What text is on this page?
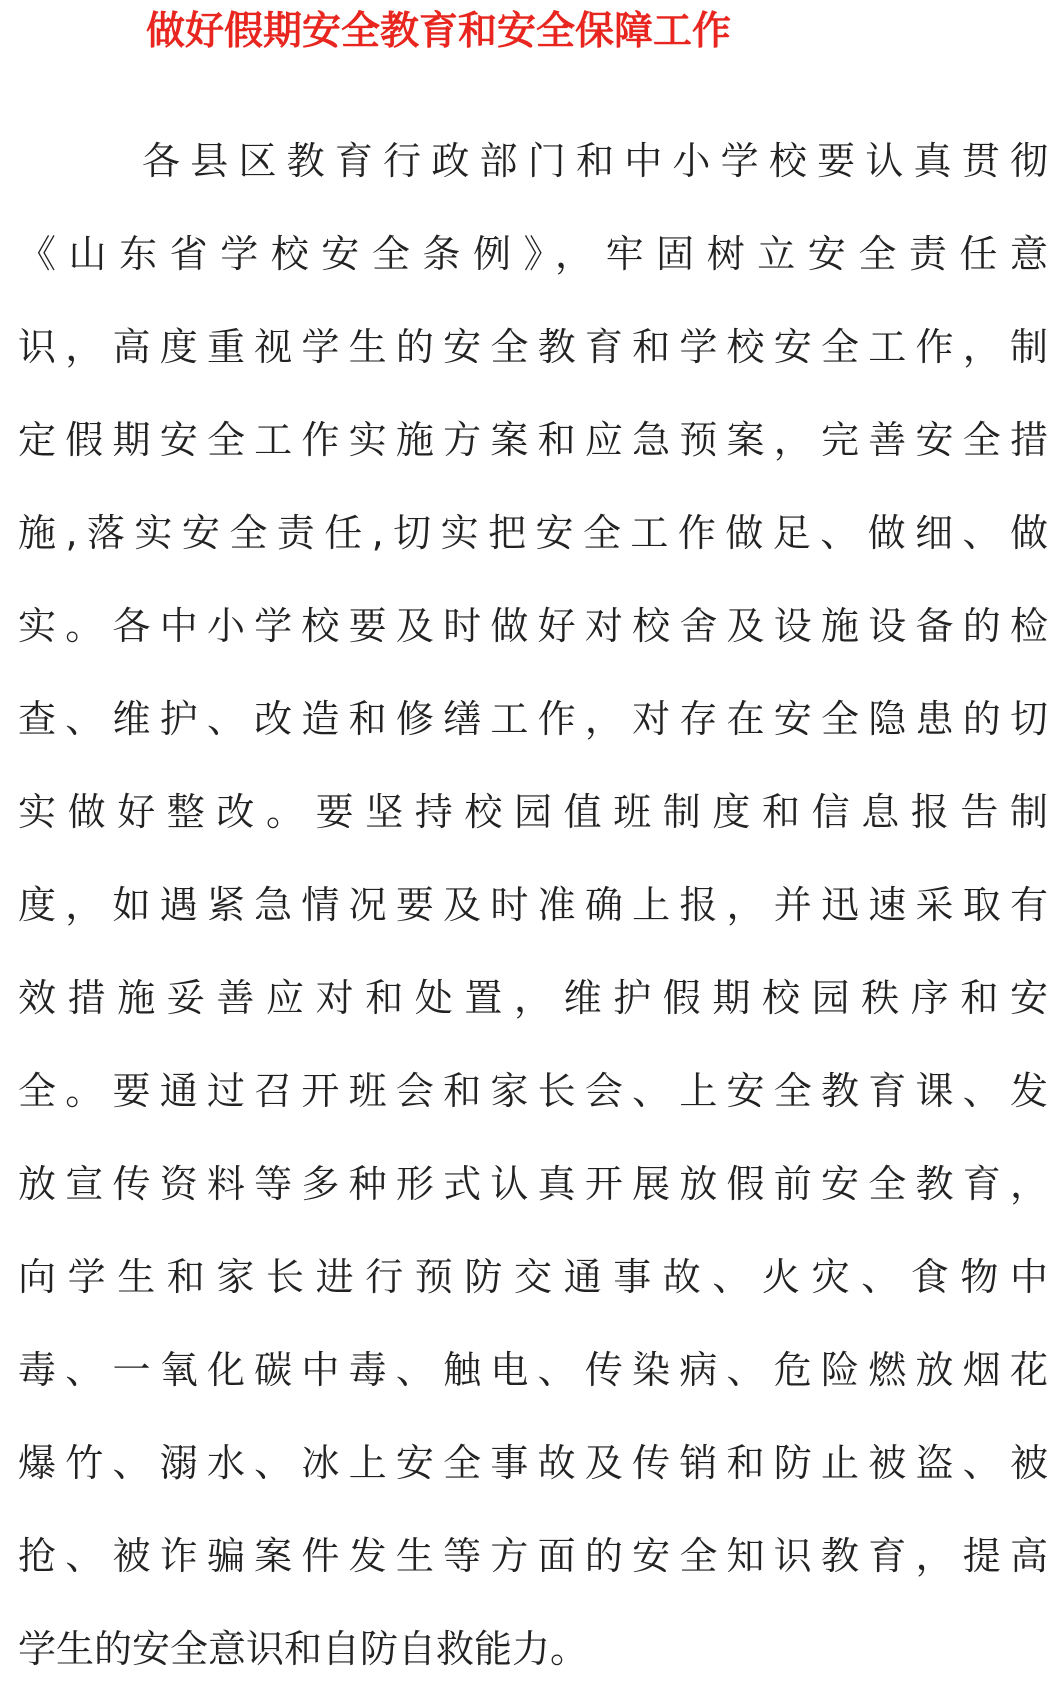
做好假期安全教育和安全保障工作
各县区教育行政部门和中小学校要认真贯彻
《山东省学校安全条例》，牢固树立安全责任意
识，高度重视学生的安全教育和学校安全工作，制
定假期安全工作实施方案和应急预案，完善安全措
施,落实安全责任,切实把安全工作做足、做细、做
实。各中小学校要及时做好对校舍及设施设备的检
查、维护、改造和修缮工作，对存在安全隐患的切
实做好整改。要坚持校园值班制度和信息报告制
度，如遇紧急情况要及时准确上报，并迅速采取有
效措施妥善应对和处置，维护假期校园秩序和安
全。要通过召开班会和家长会、上安全教育课、发
放宣传资料等多种形式认真开展放假前安全教育，
向学生和家长进行预防交通事故、火灾、食物中
毒、一氧化碳中毒、触电、传染病、危险燃放烟花
爆竹、溺水、冰上安全事故及传销和防止被盗、被
抢、被诈骗案件发生等方面的安全知识教育，提高
学生的安全意识和自防自救能力。
